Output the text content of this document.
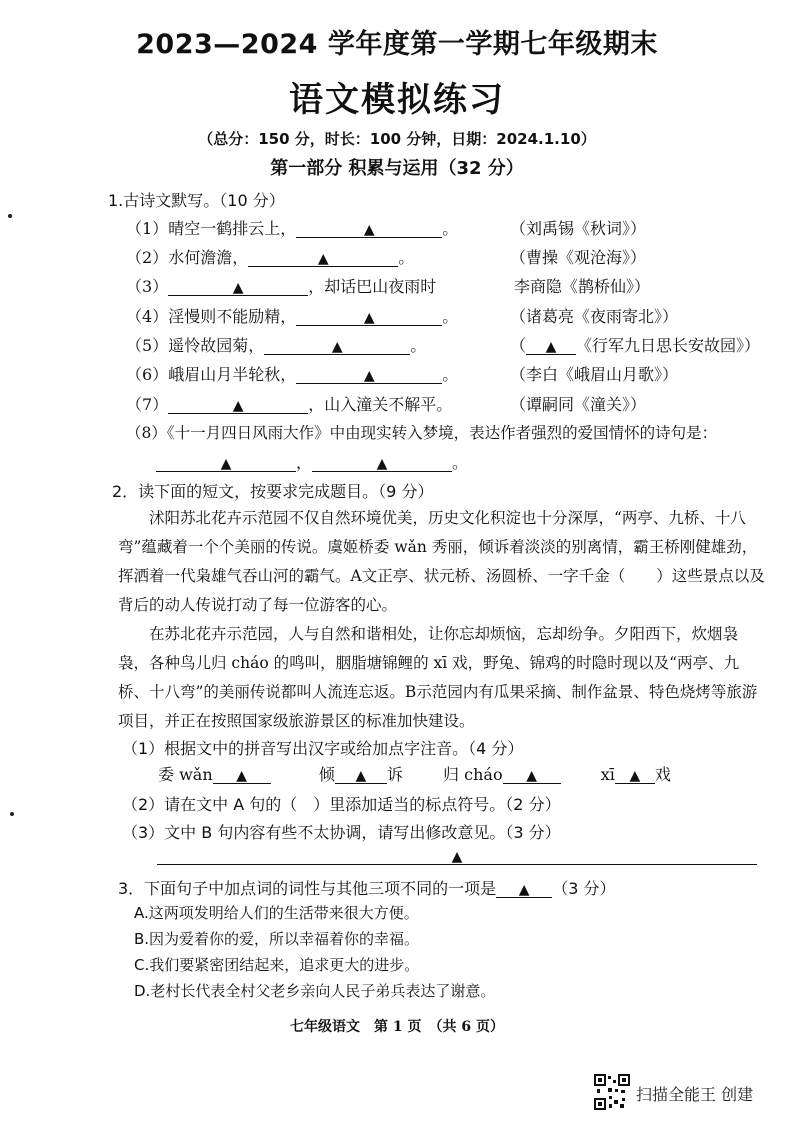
2023—2024 学年度第一学期七年级期末
语文模拟练习
（总分：150 分，时长：100 分钟，日期：2024.1.10）
第一部分 积累与运用（32 分）
1.古诗文默写。（10 分）
（1）晴空一鹤排云上，	▲	。	（刘禹锡《秋词》）
（2）水何澹澹，	▲	。	（曹操《观沧海》）
（3）	▲	，却话巴山夜雨时	李商隐《鹊桥仙》）
（4）淫慢则不能励精，	▲	。	（诸葛亮《夜雨寄北》）
（5）遥怜故园菊，	▲	。	（ ▲ 《行军九日思长安故园》）
（6）峨眉山月半轮秋，	▲	。	（李白《峨眉山月歌》）
（7）	▲	，山入潼关不解平。	（谭嗣同《潼关》）
（8）《十一月四日风雨大作》中由现实转入梦境，表达作者强烈的爱国情怀的诗句是：
▲	，	▲	。
2．读下面的短文，按要求完成题目。（9 分）

沭阳苏北花卉示范园不仅自然环境优美，历史文化积淀也十分深厚，“两亭、九桥、十八弯”蕴藏着一个个美丽的传说。虞姬桥委 wǎn 秀丽，倾诉着淡淡的别离情，霸王桥刚健雄劲，挥洒着一代枭雄气吞山河的霸气。A文正亭、状元桥、汤圆桥、一字千金（　　）这些景点以及背后的动人传说打动了每一位游客的心。

在苏北花卉示范园，人与自然和谐相处，让你忘却烦恼，忘却纷争。夕阳西下，炊烟袅袅，各种鸟儿归 cháo 的鸣叫，胭脂塘锦鲤的 xī 戏，野兔、锦鸡的时隐时现以及“两亭、九桥、十八弯”的美丽传说都叫人流连忘返。B示范园内有瓜果采摘、制作盆景、特色烧烤等旅游项目，并正在按照国家级旅游景区的标准加快建设。

（1）根据文中的拼音写出汉字或给加点字注音。（4 分）
委 wǎn ▲	倾 ▲ 诉	归 cháo ▲	xī ▲ 戏
（2）请在文中 A 句的（　）里添加适当的标点符号。（2 分）
（3）文中 B 句内容有些不太协调，请写出修改意见。（3 分）
▲
3．下面句子中加点词的词性与其他三项不同的一项是 ▲ （3 分）
A.这两项发明给人们的生活带来很大方便。
B.因为爱着你的爱，所以幸福着你的幸福。
C.我们要紧密团结起来，追求更大的进步。
D.老村长代表全村父老乡亲向人民子弟兵表达了谢意。
七年级语文　第 1 页　（共 6 页）
扫描全能王 创建
